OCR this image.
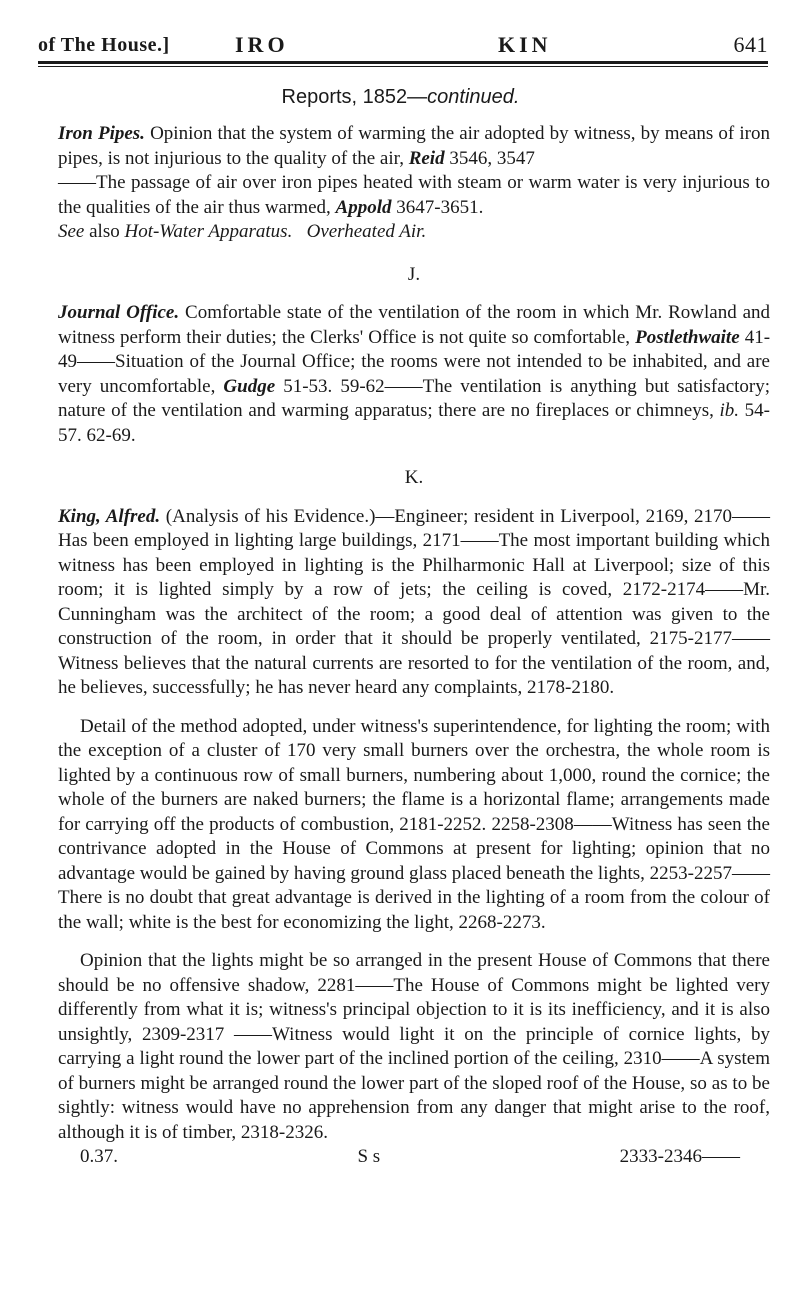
of The House.]	IRO	KIN	641
Reports, 1852—continued.

Iron Pipes. Opinion that the system of warming the air adopted by witness, by means of iron pipes, is not injurious to the quality of the air, Reid 3546, 3547
——The passage of air over iron pipes heated with steam or warm water is very injurious to the qualities of the air thus warmed, Appold 3647-3651.
See also Hot-Water Apparatus. Overheated Air.

J.

Journal Office. Comfortable state of the ventilation of the room in which Mr. Rowland and witness perform their duties; the Clerks' Office is not quite so comfortable, Postlethwaite 41-49——Situation of the Journal Office; the rooms were not intended to be inhabited, and are very uncomfortable, Gudge 51-53. 59-62——The ventilation is anything but satisfactory; nature of the ventilation and warming apparatus; there are no fireplaces or chimneys, ib. 54-57. 62-69.

K.

King, Alfred. (Analysis of his Evidence.)—Engineer; resident in Liverpool, 2169, 2170——Has been employed in lighting large buildings, 2171——The most important building which witness has been employed in lighting is the Philharmonic Hall at Liverpool; size of this room; it is lighted simply by a row of jets; the ceiling is coved, 2172-2174——Mr. Cunningham was the architect of the room; a good deal of attention was given to the construction of the room, in order that it should be properly ventilated, 2175-2177—— Witness believes that the natural currents are resorted to for the ventilation of the room, and, he believes, successfully; he has never heard any complaints, 2178-2180.

Detail of the method adopted, under witness's superintendence, for lighting the room; with the exception of a cluster of 170 very small burners over the orchestra, the whole room is lighted by a continuous row of small burners, numbering about 1,000, round the cornice; the whole of the burners are naked burners; the flame is a horizontal flame; arrangements made for carrying off the products of combustion, 2181-2252. 2258-2308——Witness has seen the contrivance adopted in the House of Commons at present for lighting; opinion that no advantage would be gained by having ground glass placed beneath the lights, 2253-2257——There is no doubt that great advantage is derived in the lighting of a room from the colour of the wall; white is the best for economizing the light, 2268-2273.

Opinion that the lights might be so arranged in the present House of Commons that there should be no offensive shadow, 2281——The House of Commons might be lighted very differently from what it is; witness's principal objection to it is its inefficiency, and it is also unsightly, 2309-2317 ——Witness would light it on the principle of cornice lights, by carrying a light round the lower part of the inclined portion of the ceiling, 2310——A system of burners might be arranged round the lower part of the sloped roof of the House, so as to be sightly: witness would have no apprehension from any danger that might arise to the roof, although it is of timber, 2318-2326.

0.37.	S s	2333-2346——
